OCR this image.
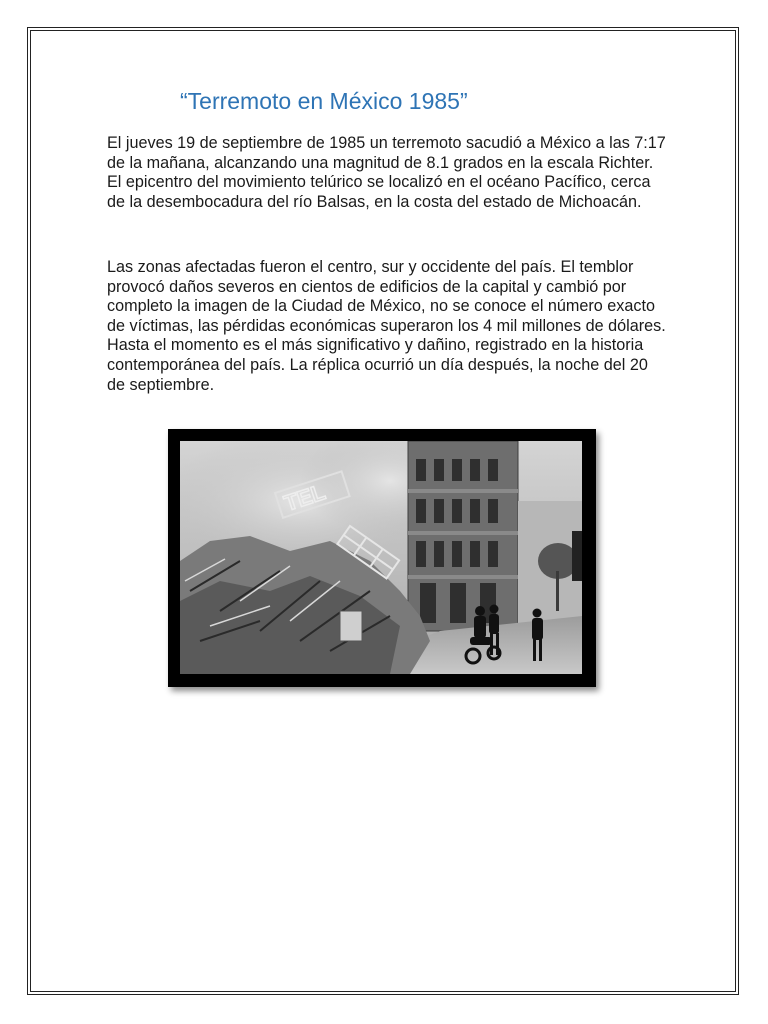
“Terremoto en México 1985”

El jueves 19 de septiembre de 1985 un terremoto sacudió a México a las 7:17 de la mañana, alcanzando una magnitud de 8.1 grados en la escala Richter. El epicentro del movimiento telúrico se localizó en el océano Pacífico, cerca de la desembocadura del río Balsas, en la costa del estado de Michoacán.

Las zonas afectadas fueron el centro, sur y occidente del país. El temblor provocó daños severos en cientos de edificios de la capital y cambió por completo la imagen de la Ciudad de México, no se conoce el número exacto de víctimas, las pérdidas económicas superaron los 4 mil millones de dólares. Hasta el momento es el más significativo y dañino, registrado en la historia contemporánea del país. La réplica ocurrió un día después, la noche del 20 de septiembre.

TEL
